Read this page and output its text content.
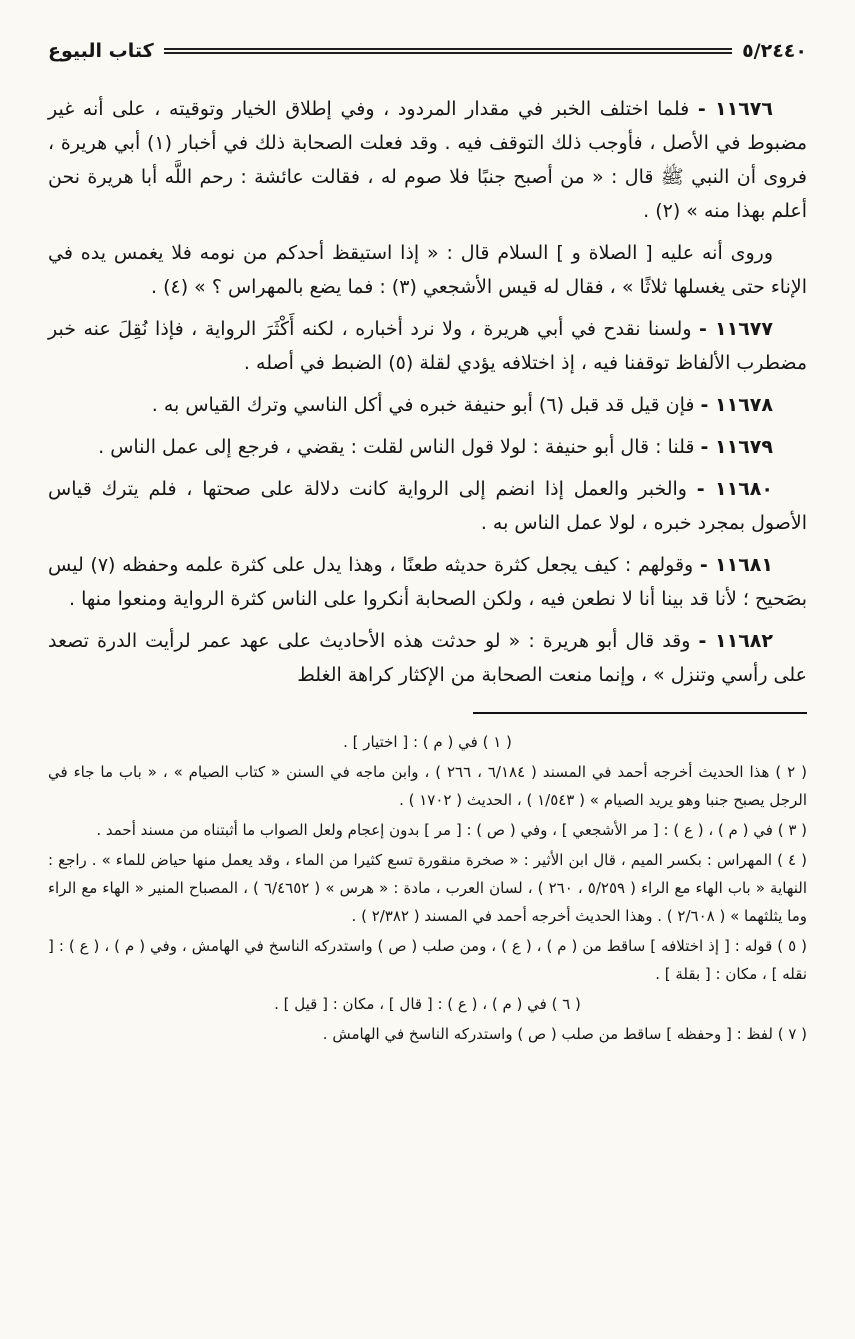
٥/٢٤٤٠
كتاب البيوع

١١٦٧٦ - فلما اختلف الخبر في مقدار المردود ، وفي إطلاق الخيار وتوقيته ، على أنه غير مضبوط في الأصل ، فأوجب ذلك التوقف فيه . وقد فعلت الصحابة ذلك في أخبار (١) أبي هريرة ، فروى أن النبي ﷺ قال : « من أصبح جنبًا فلا صوم له ، فقالت عائشة : رحم اللَّه أبا هريرة نحن أعلم بهذا منه » (٢) .

وروى أنه عليه [ الصلاة و ] السلام قال : « إذا استيقظ أحدكم من نومه فلا يغمس يده في الإناء حتى يغسلها ثلاثًا » ، فقال له قيس الأشجعي (٣) : فما يضع بالمهراس ؟ » (٤) .

١١٦٧٧ - ولسنا نقدح في أبي هريرة ، ولا نرد أخباره ، لكنه أَكْثَرَ الرواية ، فإذا نُقِلَ عنه خبر مضطرب الألفاظ توقفنا فيه ، إذ اختلافه يؤدي لقلة (٥) الضبط في أصله .

١١٦٧٨ - فإن قيل قد قبل (٦) أبو حنيفة خبره في أكل الناسي وترك القياس به .

١١٦٧٩ - قلنا : قال أبو حنيفة : لولا قول الناس لقلت : يقضي ، فرجع إلى عمل الناس .

١١٦٨٠ - والخبر والعمل إذا انضم إلى الرواية كانت دلالة على صحتها ، فلم يترك قياس الأصول بمجرد خبره ، لولا عمل الناس به .

١١٦٨١ - وقولهم : كيف يجعل كثرة حديثه طعنًا ، وهذا يدل على كثرة علمه وحفظه (٧) ليس بصَحيح ؛ لأنا قد بينا أنا لا نطعن فيه ، ولكن الصحابة أنكروا على الناس كثرة الرواية ومنعوا منها .

١١٦٨٢ - وقد قال أبو هريرة : « لو حدثت هذه الأحاديث على عهد عمر لرأيت الدرة تصعد على رأسي وتنزل » ، وإنما منعت الصحابة من الإكثار كراهة الغلط

( ١ ) في ( م ) : [ اختيار ] .

( ٢ ) هذا الحديث أخرجه أحمد في المسند ( ٦/١٨٤ ، ٢٦٦ ) ، وابن ماجه في السنن « كتاب الصيام » ، « باب ما جاء في الرجل يصبح جنبا وهو يريد الصيام » ( ١/٥٤٣ ) ، الحديث ( ١٧٠٢ ) .

( ٣ ) في ( م ) ، ( ع ) : [ مر الأشجعي ] ، وفي ( ص ) : [ مر ] بدون إعجام ولعل الصواب ما أثبتناه من مسند أحمد .

( ٤ ) المهراس : بكسر الميم ، قال ابن الأثير : « صخرة منقورة تسع كثيرا من الماء ، وقد يعمل منها حياض للماء » . راجع : النهاية « باب الهاء مع الراء ( ٥/٢٥٩ ، ٢٦٠ ) ، لسان العرب ، مادة : « هرس » ( ٦/٤٦٥٢ ) ، المصباح المنير « الهاء مع الراء وما يثلثهما » ( ٢/٦٠٨ ) . وهذا الحديث أخرجه أحمد في المسند ( ٢/٣٨٢ ) .

( ٥ ) قوله : [ إذ اختلافه ] ساقط من ( م ) ، ( ع ) ، ومن صلب ( ص ) واستدركه الناسخ في الهامش ، وفي ( م ) ، ( ع ) : [ نقله ] ، مكان : [ بقلة ] .

( ٦ ) في ( م ) ، ( ع ) : [ قال ] ، مكان : [ قيل ] .

( ٧ ) لفظ : [ وحفظه ] ساقط من صلب ( ص ) واستدركه الناسخ في الهامش .
